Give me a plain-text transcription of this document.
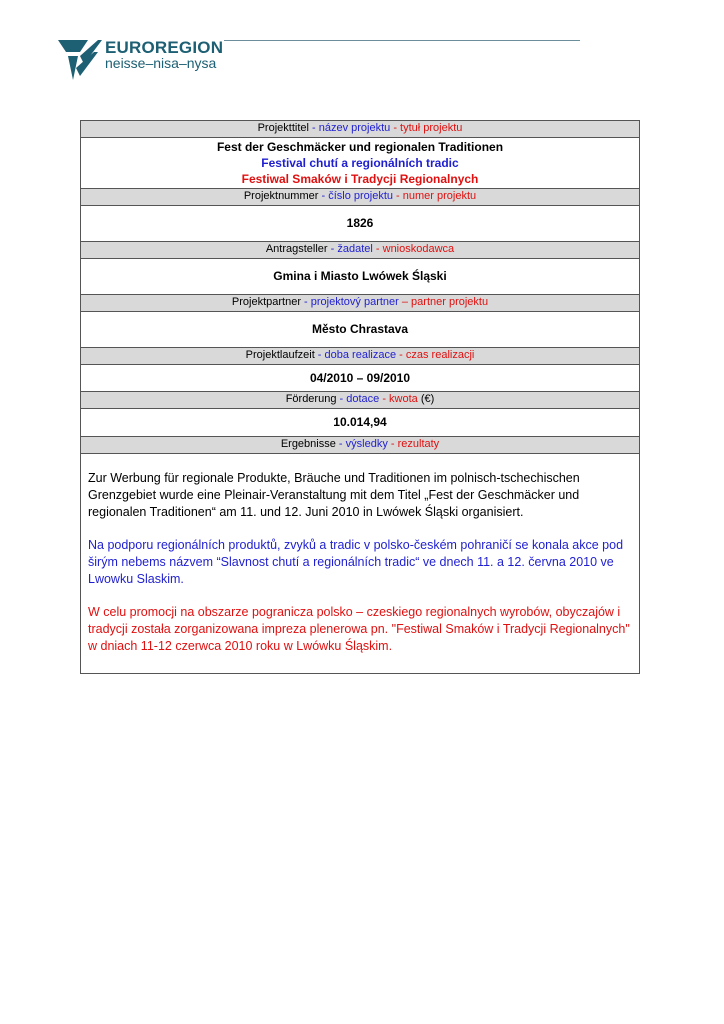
EUROREGION
neisse–nisa–nysa
Projekttitel - název projektu - tytuł projektu
Fest der Geschmäcker und regionalen Traditionen
Festival chutí a regionálních tradic
Festiwal Smaków i Tradycji Regionalnych
Projektnummer - číslo projektu - numer projektu
1826
Antragsteller - žadatel - wnioskodawca
Gmina i Miasto Lwówek Śląski
Projektpartner - projektový partner – partner projektu
Město Chrastava
Projektlaufzeit - doba realizace - czas realizacji
04/2010 – 09/2010
Förderung - dotace - kwota (€)
10.014,94
Ergebnisse - výsledky - rezultaty

Zur Werbung für regionale Produkte, Bräuche und Traditionen im polnisch-tschechischen Grenzgebiet wurde eine Pleinair-Veranstaltung mit dem Titel „Fest der Geschmäcker und regionalen Traditionen“ am 11. und 12. Juni 2010 in Lwówek Śląski organisiert.

Na podporu regionálních produktů, zvyků a tradic v polsko-českém pohraničí se konala akce pod širým nebems názvem “Slavnost chutí a regionálních tradic“ ve dnech 11. a 12. června 2010 ve Lwowku Slaskim.

W celu promocji na obszarze pogranicza polsko – czeskiego regionalnych wyrobów, obyczajów i tradycji została zorganizowana impreza plenerowa pn. "Festiwal Smaków i Tradycji Regionalnych" w dniach 11-12 czerwca 2010 roku w Lwówku Śląskim.
